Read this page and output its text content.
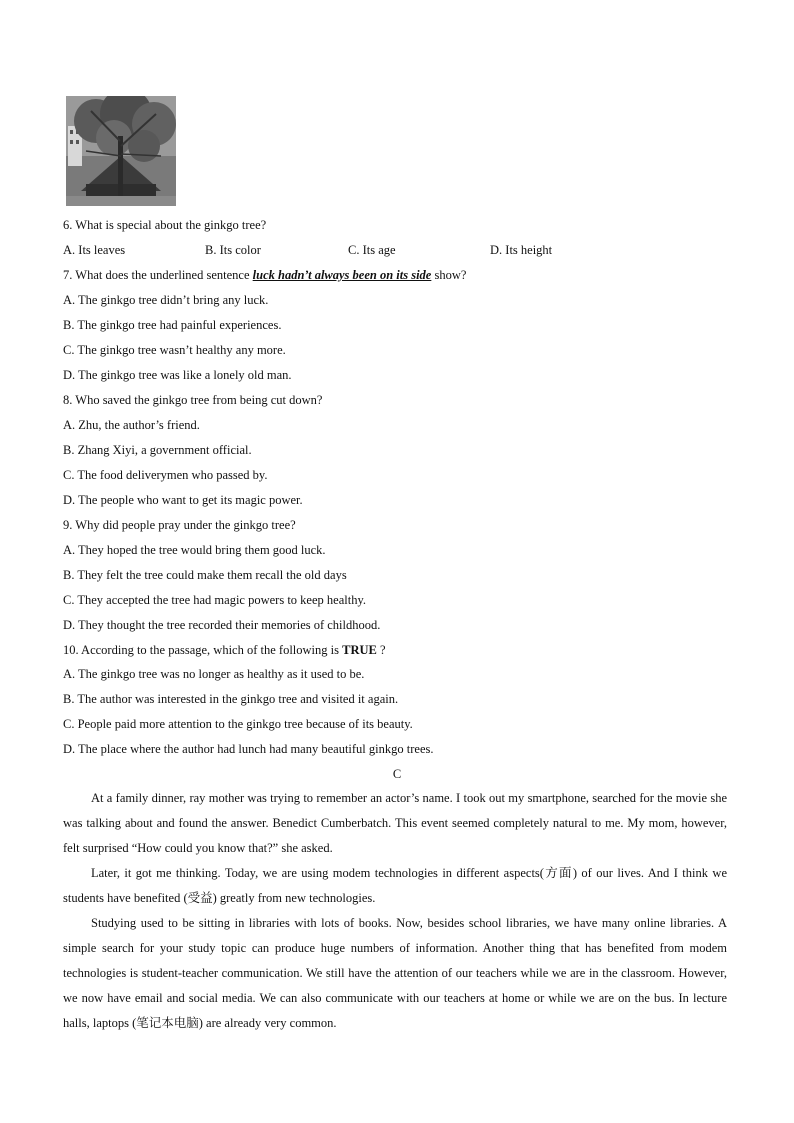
6. What is special about the ginkgo tree?
A. Its leaves	B. Its color	C. Its age	D. Its height
7. What does the underlined sentence luck hadn’t always been on its side show?
A. The ginkgo tree didn’t bring any luck.
B. The ginkgo tree had painful experiences.
C. The ginkgo tree wasn’t healthy any more.
D. The ginkgo tree was like a lonely old man.
8. Who saved the ginkgo tree from being cut down?
A. Zhu, the author’s friend.
B. Zhang Xiyi, a government official.
C. The food deliverymen who passed by.
D. The people who want to get its magic power.
9. Why did people pray under the ginkgo tree?
A. They hoped the tree would bring them good luck.
B. They felt the tree could make them recall the old days
C. They accepted the tree had magic powers to keep healthy.
D. They thought the tree recorded their memories of childhood.
10. According to the passage, which of the following is TRUE ?
A. The ginkgo tree was no longer as healthy as it used to be.
B. The author was interested in the ginkgo tree and visited it again.
C. People paid more attention to the ginkgo tree because of its beauty.
D. The place where the author had lunch had many beautiful ginkgo trees.
C

At a family dinner, ray mother was trying to remember an actor’s name. I took out my smartphone, searched for the movie she was talking about and found the answer. Benedict Cumberbatch. This event seemed completely natural to me. My mom, however, felt surprised “How could you know that?” she asked.

Later, it got me thinking. Today, we are using modem technologies in different aspects(方面) of our lives. And I think we students have benefited (受益) greatly from new technologies.

Studying used to be sitting in libraries with lots of books. Now, besides school libraries, we have many online libraries. A simple search for your study topic can produce huge numbers of information. Another thing that has benefited from modem technologies is student-teacher communication. We still have the attention of our teachers while we are in the classroom. However, we now have email and social media. We can also communicate with our teachers at home or while we are on the bus. In lecture halls, laptops (笔记本电脑) are already very common.
